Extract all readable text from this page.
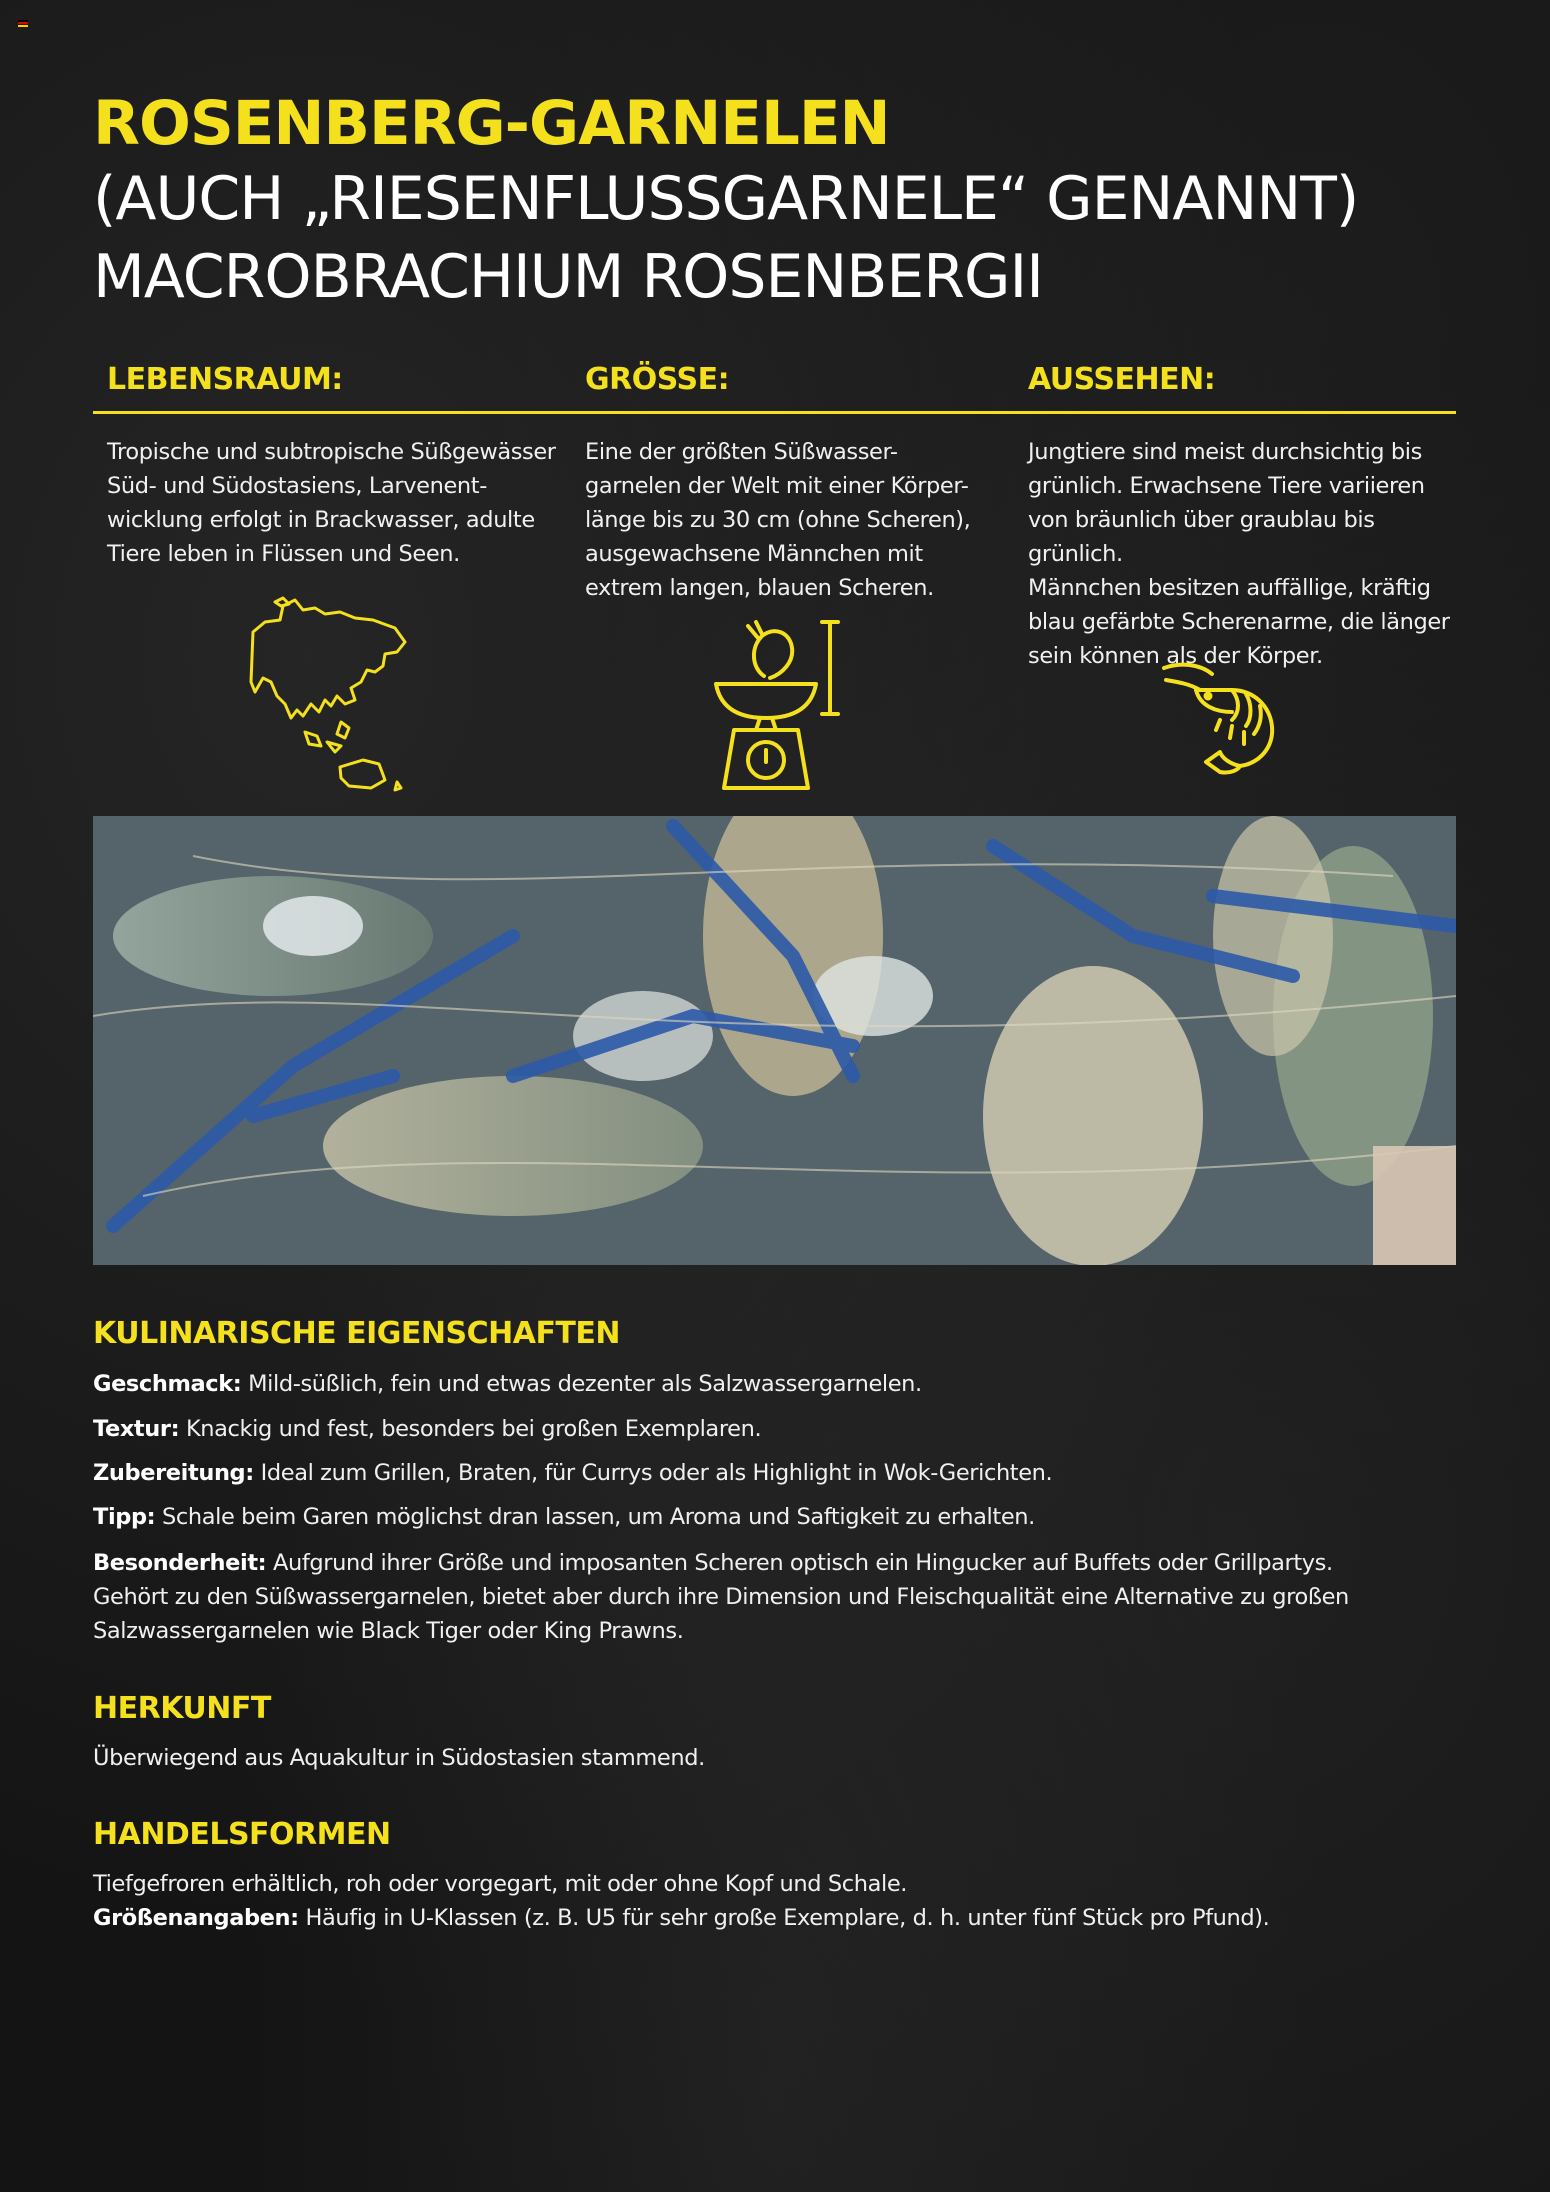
ROSENBERG-GARNELEN
(AUCH „RIESENFLUSSGARNELE“ GENANNT)
MACROBRACHIUM ROSENBERGII
LEBENSRAUM:	GRÖSSE:	AUSSEHEN:
Tropische und subtropische Süßgewässer
Süd- und Südostasiens, Larvenent-
wicklung erfolgt in Brackwasser, adulte
Tiere leben in Flüssen und Seen.
Eine der größten Süßwasser-
garnelen der Welt mit einer Körper-
länge bis zu 30 cm (ohne Scheren),
ausgewachsene Männchen mit
extrem langen, blauen Scheren.
Jungtiere sind meist durchsichtig bis
grünlich. Erwachsene Tiere variieren
von bräunlich über graublau bis grünlich.
Männchen besitzen auffällige, kräftig
blau gefärbte Scherenarme, die länger
sein können als der Körper.
KULINARISCHE EIGENSCHAFTEN
Geschmack: Mild-süßlich, fein und etwas dezenter als Salzwassergarnelen.
Textur: Knackig und fest, besonders bei großen Exemplaren.
Zubereitung: Ideal zum Grillen, Braten, für Currys oder als Highlight in Wok-Gerichten.
Tipp: Schale beim Garen möglichst dran lassen, um Aroma und Saftigkeit zu erhalten.
Besonderheit: Aufgrund ihrer Größe und imposanten Scheren optisch ein Hingucker auf Buffets oder Grillpartys.
Gehört zu den Süßwassergarnelen, bietet aber durch ihre Dimension und Fleischqualität eine Alternative zu großen
Salzwassergarnelen wie Black Tiger oder King Prawns.
HERKUNFT
Überwiegend aus Aquakultur in Südostasien stammend.
HANDELSFORMEN
Tiefgefroren erhältlich, roh oder vorgegart, mit oder ohne Kopf und Schale.
Größenangaben: Häufig in U-Klassen (z. B. U5 für sehr große Exemplare, d. h. unter fünf Stück pro Pfund).
